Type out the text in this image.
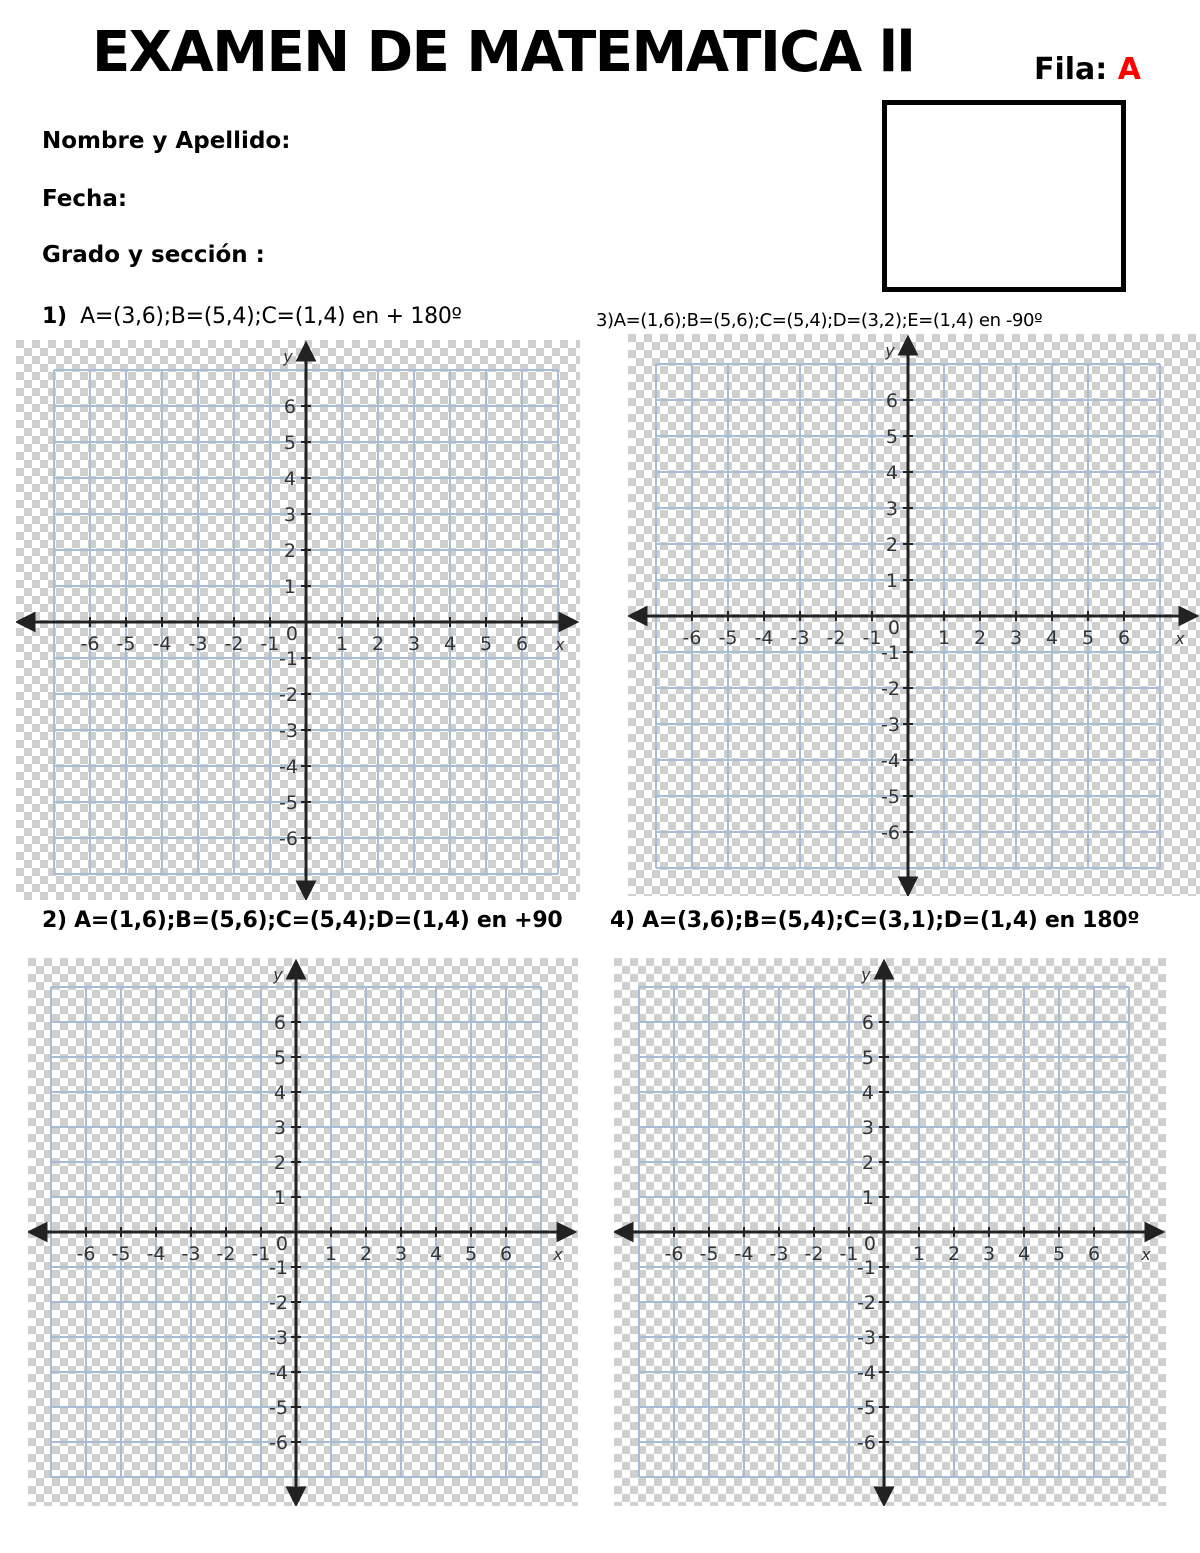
EXAMEN DE MATEMATICA ll	Fila: A
Nombre y Apellido:
Fecha:
Grado y sección :
1) A=(3,6);B=(5,4);C=(1,4) en + 180º	3)A=(1,6);B=(5,6);C=(5,4);D=(3,2);E=(1,4) en -90º
2) A=(1,6);B=(5,6);C=(5,4);D=(1,4) en +90 4) A=(3,6);B=(5,4);C=(3,1);D=(1,4) en 180º
-6 -5 -4 -3 -2 -1	1 2 3 4 5 6
6
5
4
3
2
1
-1
-2
-3
-4
-5
-6
0	x
y
-6 -5 -4 -3 -2 -1	1 2 3 4 5 6
6
5
4
3
2
1
-1
-2
-3
-4
-5
-6
0	x
y
-6 -5 -4 -3 -2 -1	1 2 3 4 5 6
6
5
4
3
2
1
-1
-2
-3
-4
-5
-6
0	x
y
-6 -5 -4 -3 -2 -1	1 2 3 4 5 6
6
5
4
3
2
1
-1
-2
-3
-4
-5
-6
0	x
y
